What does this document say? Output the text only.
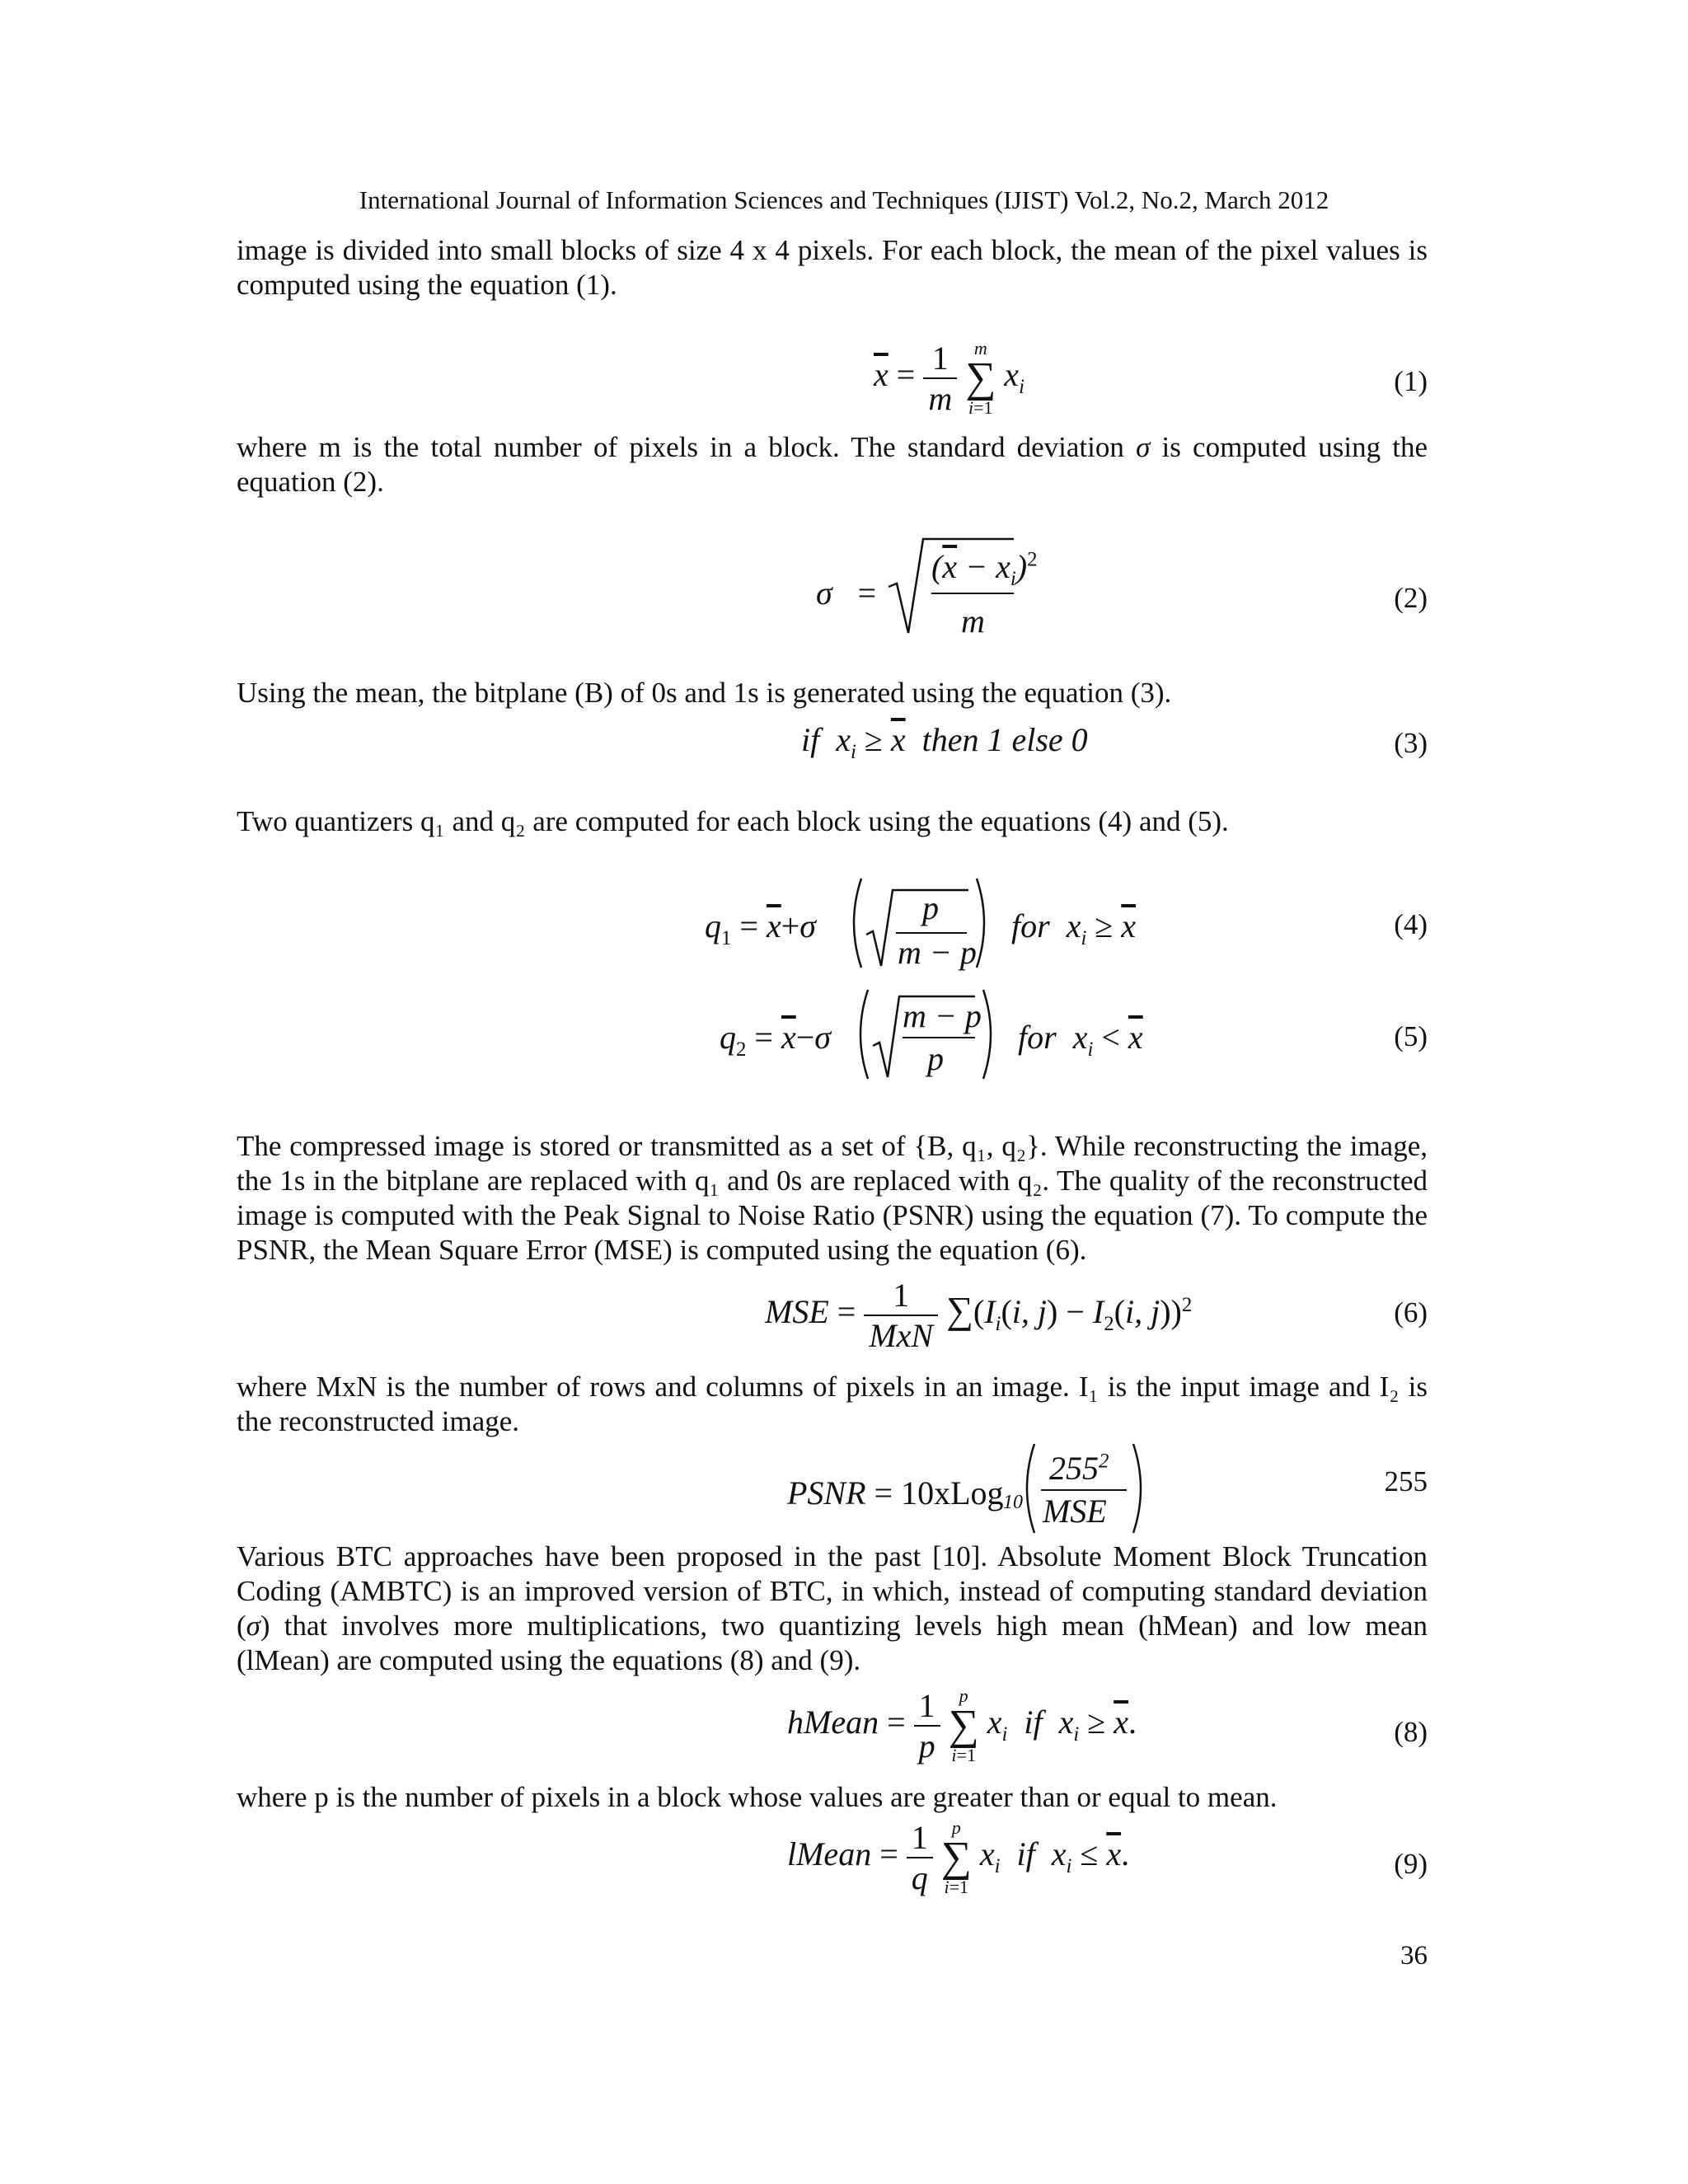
International Journal of Information Sciences and Techniques (IJIST) Vol.2, No.2, March 2012

image is divided into small blocks of size 4 x 4 pixels. For each block, the mean of the pixel values is computed using the equation (1).

$\overline{x} = \frac{1}{m}$
m
∑
i=1
$x_i$	(1)

where m is the total number of pixels in a block. The standard deviation σ is computed using the equation (2).

σ =
$(\overline{x} - x_i)^2$
m
(2)

Using the mean, the bitplane (B) of 0s and 1s is generated using the equation (3).

if  $x_i \ge \overline{x}$ then 1 else 0	(3)

Two quantizers q₁ and q₂ are computed for each block using the equations (4) and (5).

$q_1 = \overline{x}+\sigma$	p
m − p
for  $x_i \ge \overline{x}$	(4)
$q_2 = \overline{x}-\sigma$
m − p
p
for  $x_i < \overline{x}$	(5)

The compressed image is stored or transmitted as a set of {B, q₁, q₂}. While reconstructing the image, the 1s in the bitplane are replaced with q₁ and 0s are replaced with q₂. The quality of the reconstructed image is computed with the Peak Signal to Noise Ratio (PSNR) using the equation (7). To compute the PSNR, the Mean Square Error (MSE) is computed using the equation (6).

MSE = $\frac{1}{\text{MxN}} \sum(I_i(i$, $j) - I_2(i$, j))$^2$	(6)

where MxN is the number of rows and columns of pixels in an image. I₁ is the input image and I₂ is the reconstructed image.

PSNR = 10xLog 10
$255^2$
MSE
255

Various BTC approaches have been proposed in the past [10]. Absolute Moment Block Truncation Coding (AMBTC) is an improved version of BTC, in which, instead of computing standard deviation (σ) that involves more multiplications, two quantizing levels high mean (hMean) and low mean (lMean) are computed using the equations (8) and (9).

hMean = $\frac{1}{p}$
	p
∑
i=1
$x_i$  if  $x_i \ge \overline{x}$.	(8)

where p is the number of pixels in a block whose values are greater than or equal to mean.

lMean = $\frac{1}{q}$
	p
∑
i=1
$x_i$  if  $x_i \le \overline{x}$.	(9)
36
